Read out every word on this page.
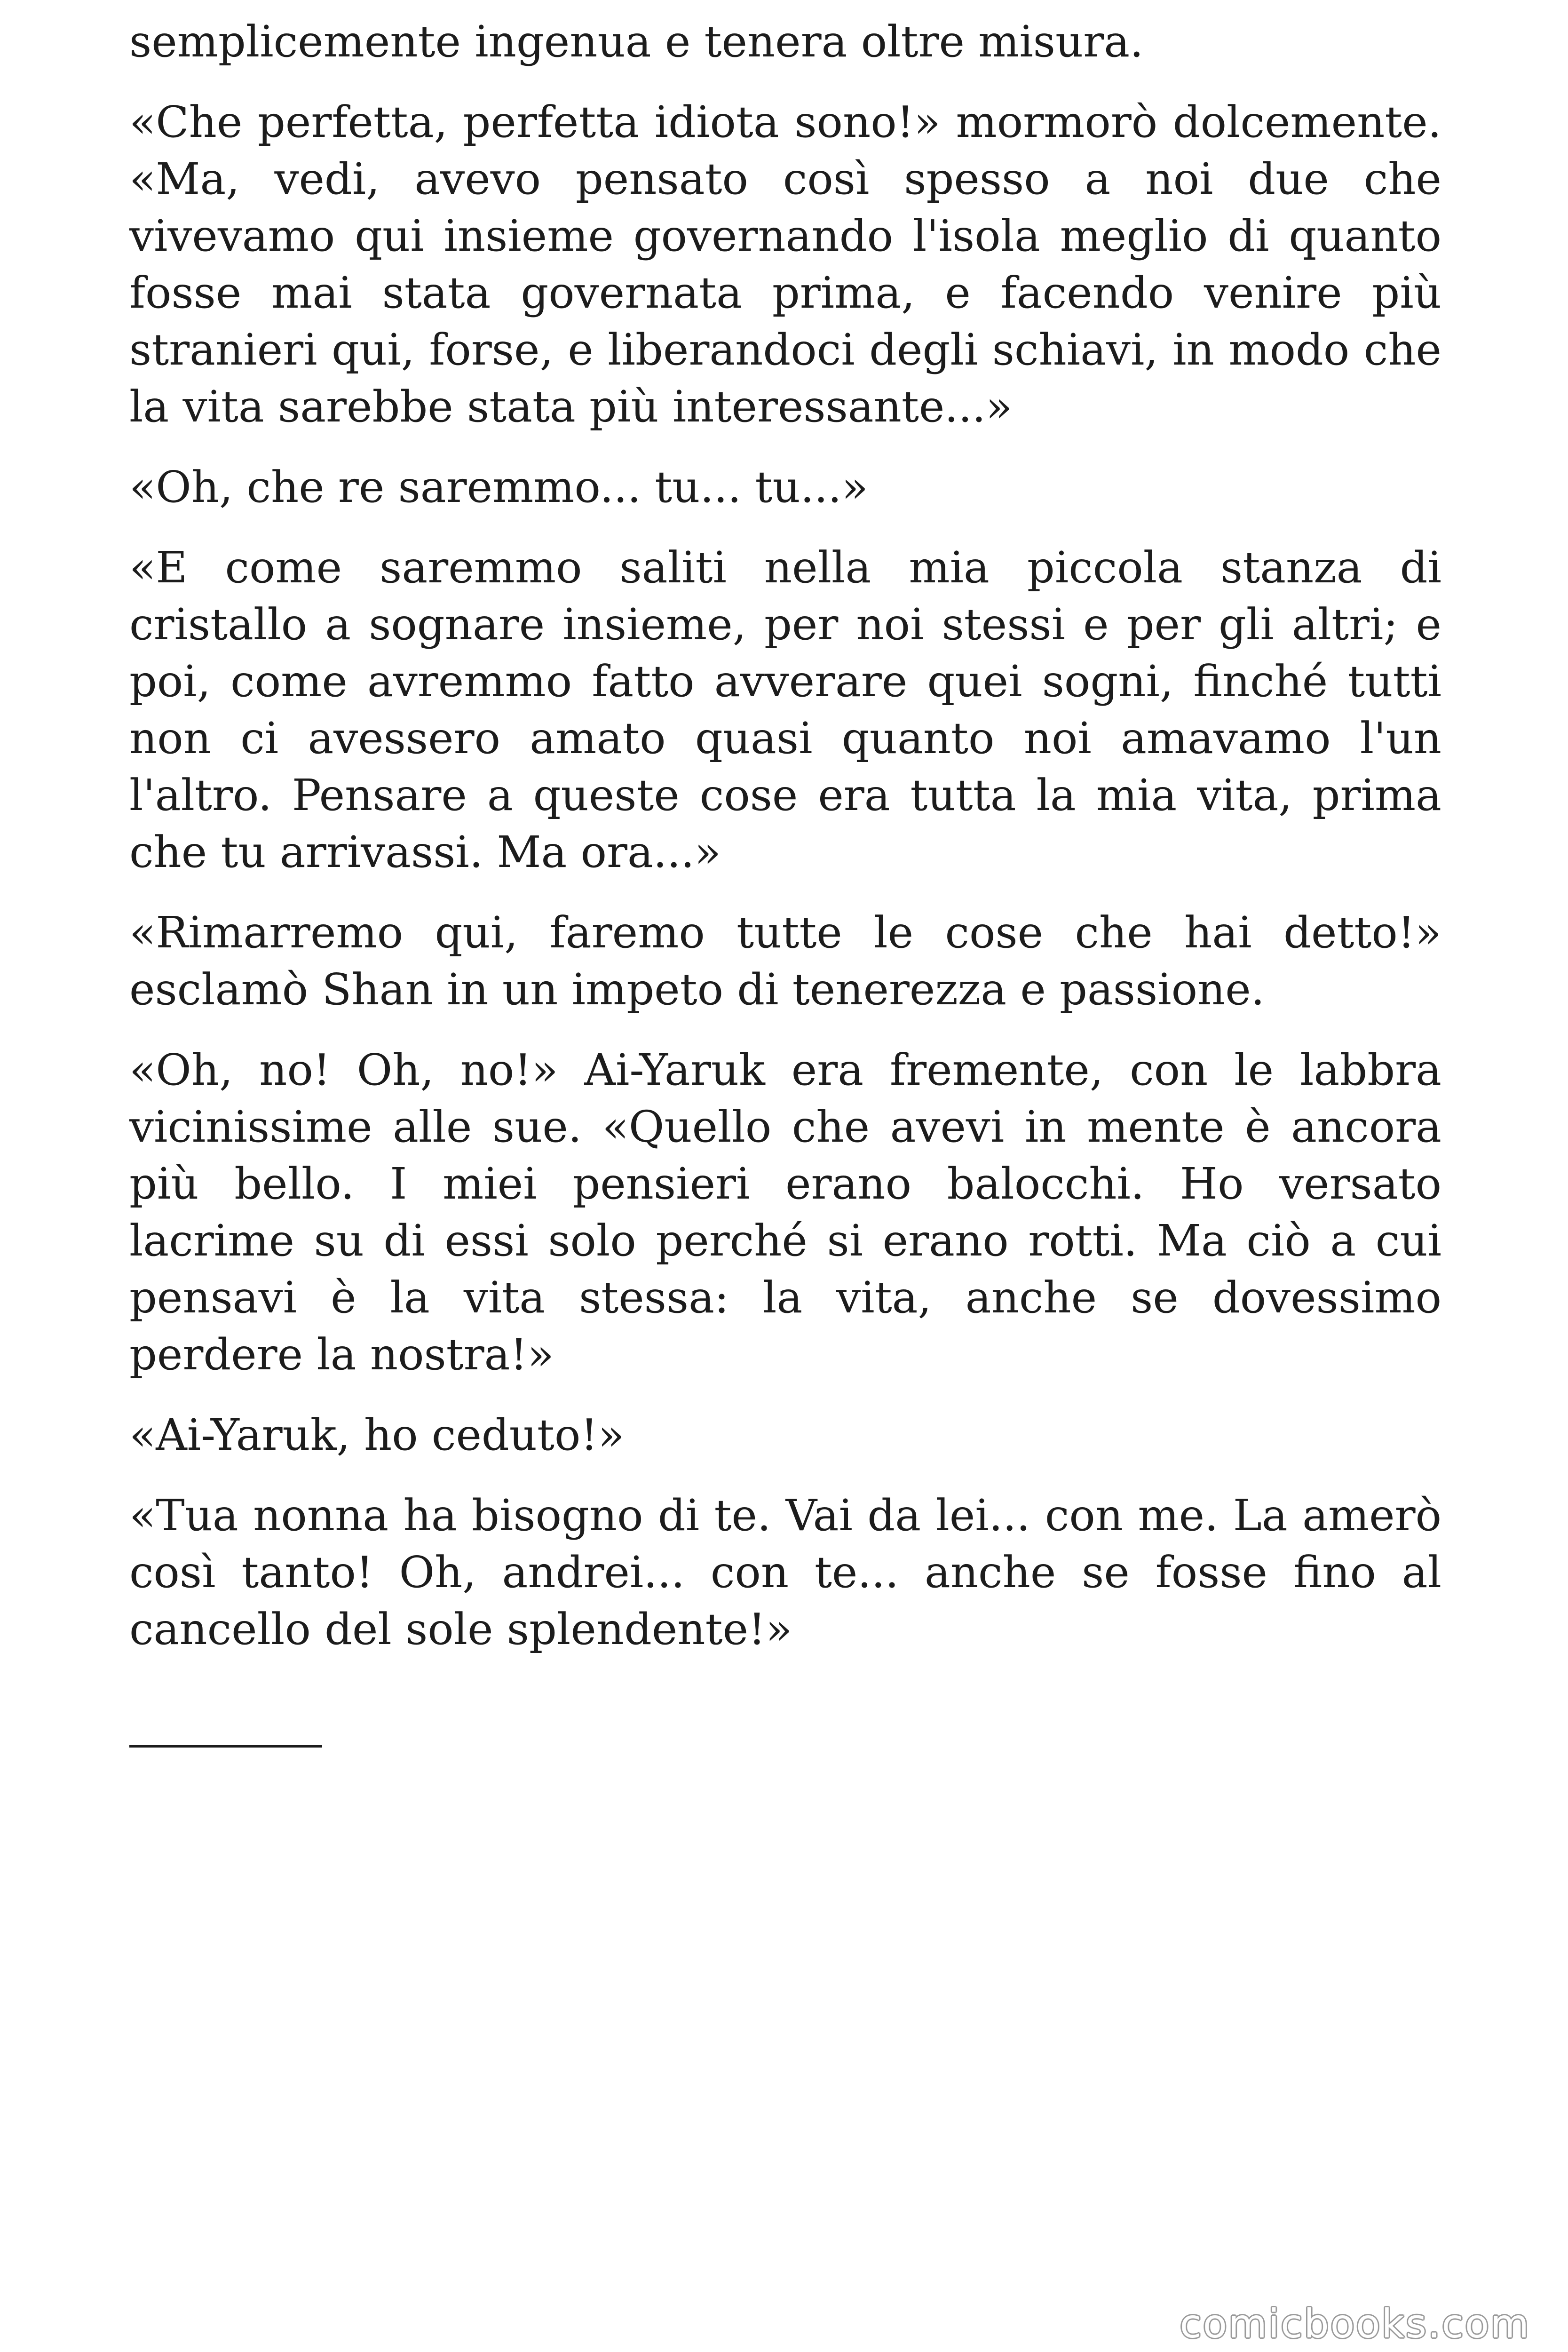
semplicemente ingenua e tenera oltre misura.

«Che perfetta, perfetta idiota sono!» mormorò dolcemente. «Ma, vedi, avevo pensato così spesso a noi due che vivevamo qui insieme governando l'isola meglio di quanto fosse mai stata governata prima, e facendo venire più stranieri qui, forse, e liberandoci degli schiavi, in modo che la vita sarebbe stata più interessante...»

«Oh, che re saremmo... tu... tu...»

«E come saremmo saliti nella mia piccola stanza di cristallo a sognare insieme, per noi stessi e per gli altri; e poi, come avremmo fatto avverare quei sogni, finché tutti non ci avessero amato quasi quanto noi amavamo l'un l'altro. Pensare a queste cose era tutta la mia vita, prima che tu arrivassi. Ma ora...»

«Rimarremo qui, faremo tutte le cose che hai detto!» esclamò Shan in un impeto di tenerezza e passione.

«Oh, no! Oh, no!» Ai-Yaruk era fremente, con le labbra vicinissime alle sue. «Quello che avevi in mente è ancora più bello. I miei pensieri erano balocchi. Ho versato lacrime su di essi solo perché si erano rotti. Ma ciò a cui pensavi è la vita stessa: la vita, anche se dovessimo perdere la nostra!»

«Ai-Yaruk, ho ceduto!»

«Tua nonna ha bisogno di te. Vai da lei... con me. La amerò così tanto! Oh, andrei... con te... anche se fosse fino al cancello del sole splendente!»

comicbooks.com
